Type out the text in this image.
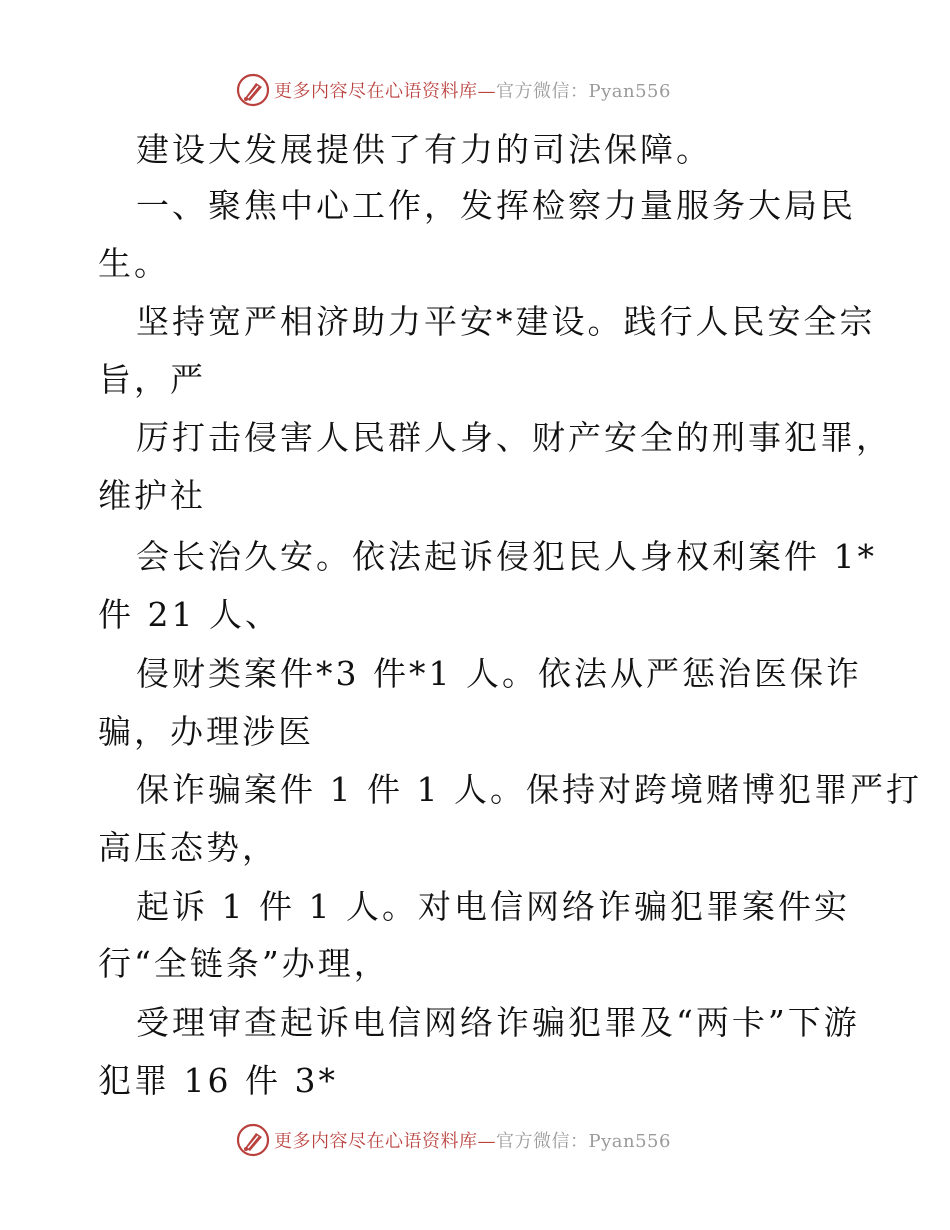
更多内容尽在心语资料库—官方微信：Pyan556
建设大发展提供了有力的司法保障。
一、聚焦中心工作，发挥检察力量服务大局民
生。
坚持宽严相济助力平安*建设。践行人民安全宗
旨，严
厉打击侵害人民群人身、财产安全的刑事犯罪，
维护社
会长治久安。依法起诉侵犯民人身权利案件 1*
件 21 人、
侵财类案件*3 件*1 人。依法从严惩治医保诈
骗，办理涉医
保诈骗案件 1 件 1 人。保持对跨境赌博犯罪严打
高压态势，
起诉 1 件 1 人。对电信网络诈骗犯罪案件实
行“全链条”办理，
受理审查起诉电信网络诈骗犯罪及“两卡”下游
犯罪 16 件 3*
更多内容尽在心语资料库—官方微信：Pyan556
